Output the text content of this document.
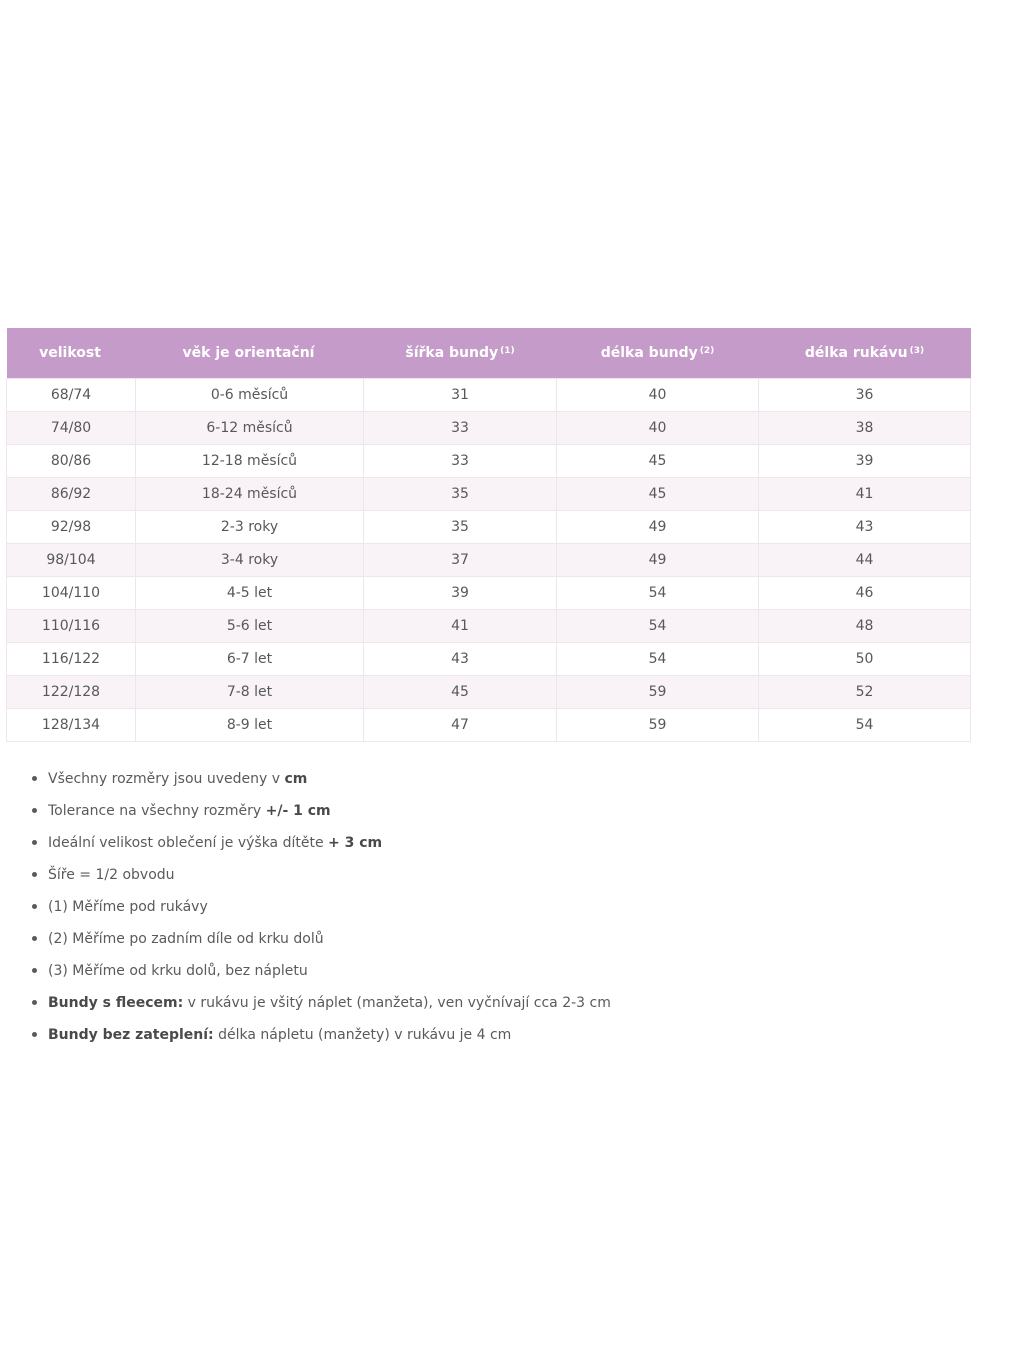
velikost	věk je orientační	šířka bundy $^{(1)}$	délka bundy $^{(2)}$	délka rukávu $^{(3)}$
68/74	0-6 měsíců	31	40	36
74/80	6-12 měsíců	33	40	38
80/86	12-18 měsíců	33	45	39
86/92	18-24 měsíců	35	45	41
92/98	2-3 roky	35	49	43
98/104	3-4 roky	37	49	44
104/110	4-5 let	39	54	46
110/116	5-6 let	41	54	48
116/122	6-7 let	43	54	50
122/128	7-8 let	45	59	52
128/134	8-9 let	47	59	54
Všechny rozměry jsou uvedeny v cm
Tolerance na všechny rozměry +/- 1 cm
Ideální velikost oblečení je výška dítěte + 3 cm
Šíře = 1/2 obvodu
(1) Měříme pod rukávy
(2) Měříme po zadním díle od krku dolů
(3) Měříme od krku dolů, bez nápletu
Bundy s fleecem: v rukávu je všitý náplet (manžeta), ven vyčnívají cca 2-3 cm
Bundy bez zateplení: délka nápletu (manžety) v rukávu je 4 cm
